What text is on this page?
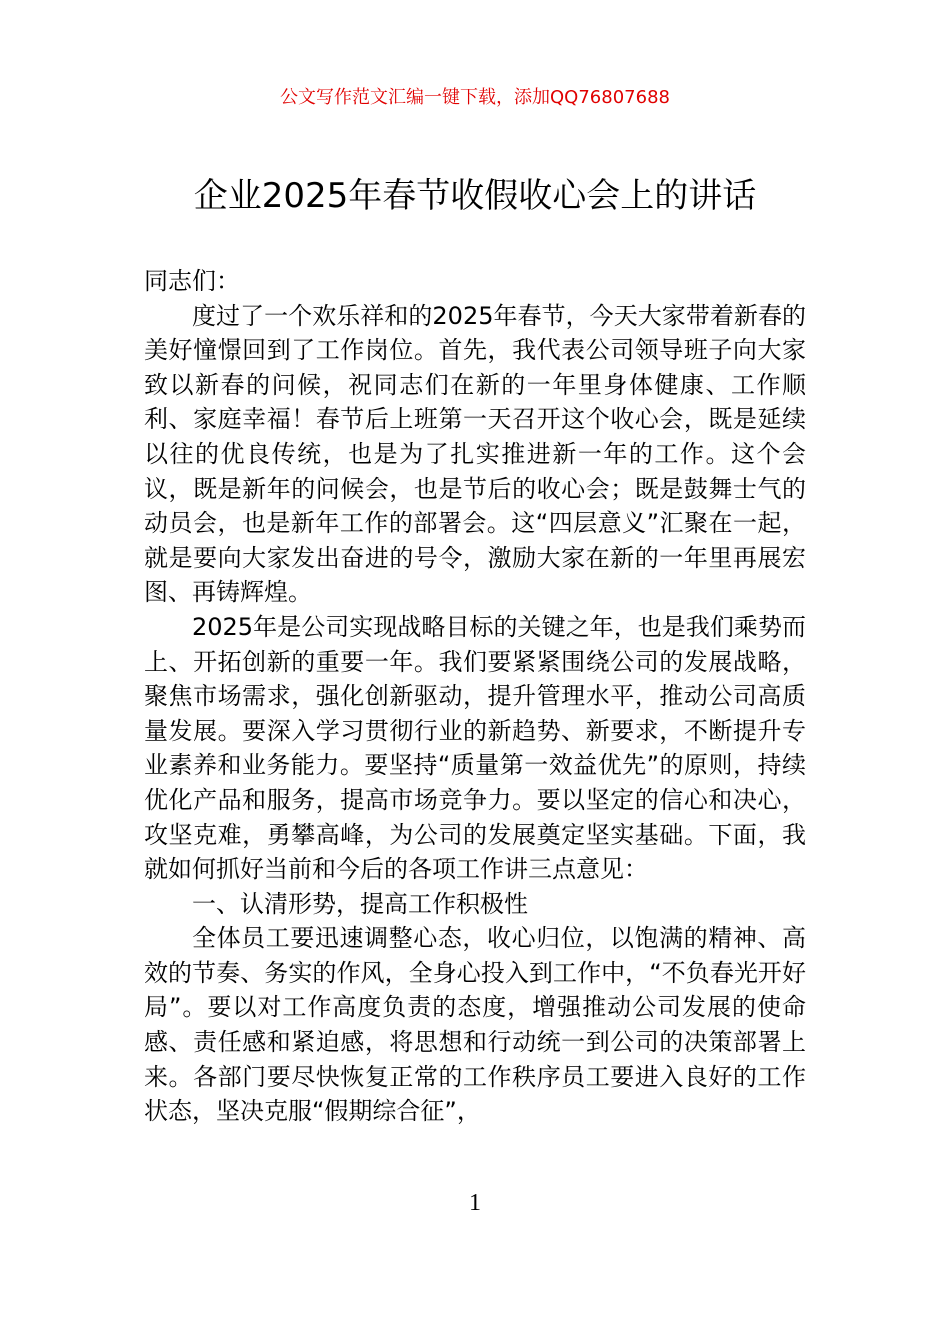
公文写作范文汇编一键下载，添加QQ76807688
企业2025年春节收假收心会上的讲话

同志们：

度过了一个欢乐祥和的2025年春节，今天大家带着新春的美好憧憬回到了工作岗位。首先，我代表公司领导班子向大家致以新春的问候，祝同志们在新的一年里身体健康、工作顺利、家庭幸福！春节后上班第一天召开这个收心会，既是延续以往的优良传统，也是为了扎实推进新一年的工作。这个会议，既是新年的问候会，也是节后的收心会；既是鼓舞士气的动员会，也是新年工作的部署会。这“四层意义”汇聚在一起，就是要向大家发出奋进的号令，激励大家在新的一年里再展宏图、再铸辉煌。

2025年是公司实现战略目标的关键之年，也是我们乘势而上、开拓创新的重要一年。我们要紧紧围绕公司的发展战略，聚焦市场需求，强化创新驱动，提升管理水平，推动公司高质量发展。要深入学习贯彻行业的新趋势、新要求，不断提升专业素养和业务能力。要坚持“质量第一效益优先”的原则，持续优化产品和服务，提高市场竞争力。要以坚定的信心和决心，攻坚克难，勇攀高峰，为公司的发展奠定坚实基础。下面，我就如何抓好当前和今后的各项工作讲三点意见：

一、认清形势，提高工作积极性

全体员工要迅速调整心态，收心归位，以饱满的精神、高效的节奏、务实的作风，全身心投入到工作中，“不负春光开好局”。要以对工作高度负责的态度，增强推动公司发展的使命感、责任感和紧迫感，将思想和行动统一到公司的决策部署上来。各部门要尽快恢复正常的工作秩序员工要进入良好的工作状态，坚决克服“假期综合征”，

1
